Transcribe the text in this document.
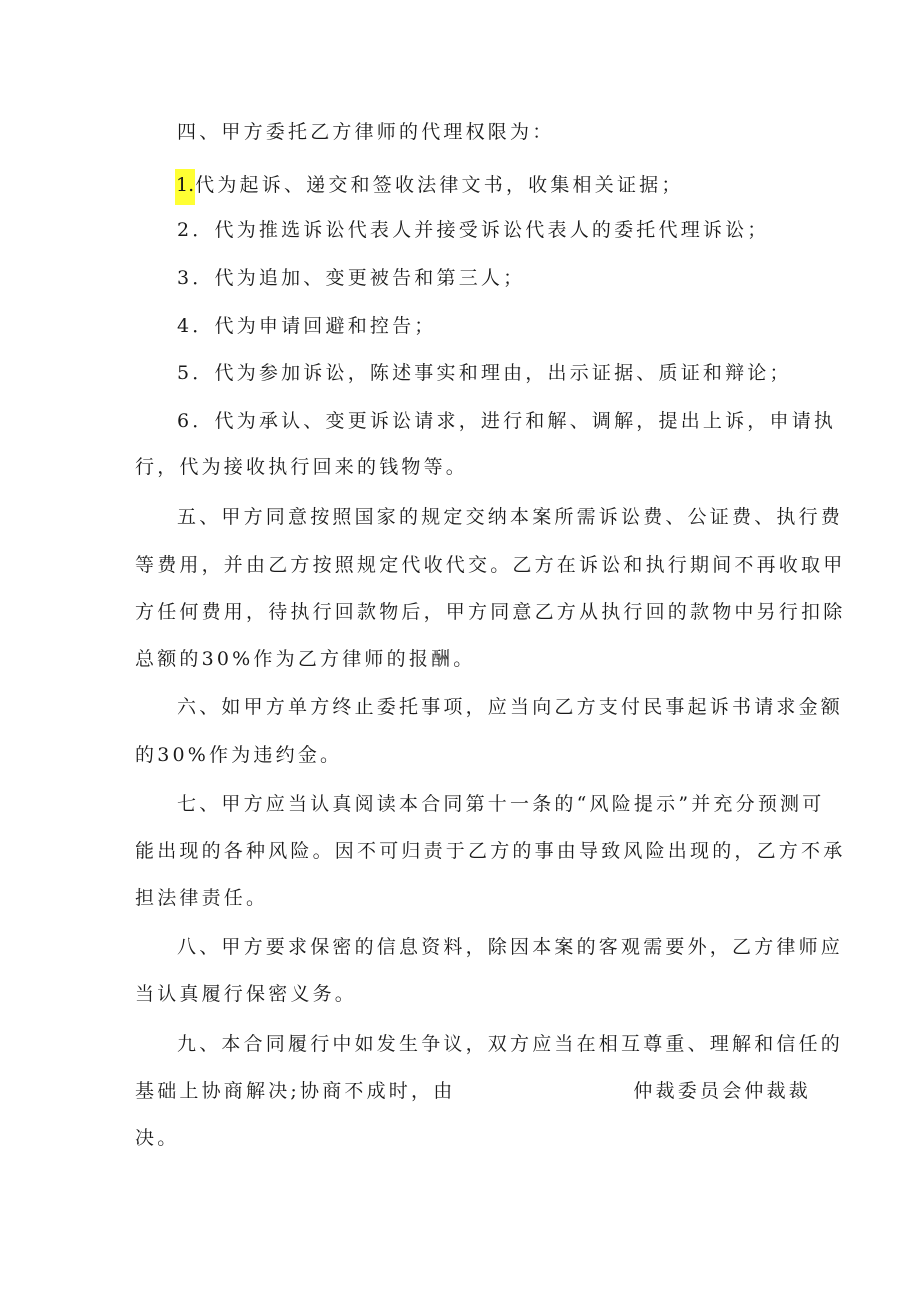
四、甲方委托乙方律师的代理权限为：
1.代为起诉、递交和签收法律文书，收集相关证据；
2．代为推选诉讼代表人并接受诉讼代表人的委托代理诉讼；
3．代为追加、变更被告和第三人；
4．代为申请回避和控告；
5．代为参加诉讼，陈述事实和理由，出示证据、质证和辩论；
6．代为承认、变更诉讼请求，进行和解、调解，提出上诉，申请执
行，代为接收执行回来的钱物等。
五、甲方同意按照国家的规定交纳本案所需诉讼费、公证费、执行费
等费用，并由乙方按照规定代收代交。乙方在诉讼和执行期间不再收取甲
方任何费用，待执行回款物后，甲方同意乙方从执行回的款物中另行扣除
总额的30%作为乙方律师的报酬。
六、如甲方单方终止委托事项，应当向乙方支付民事起诉书请求金额
的30%作为违约金。
七、甲方应当认真阅读本合同第十一条的“风险提示”并充分预测可
能出现的各种风险。因不可归责于乙方的事由导致风险出现的，乙方不承
担法律责任。
八、甲方要求保密的信息资料，除因本案的客观需要外，乙方律师应
当认真履行保密义务。
九、本合同履行中如发生争议，双方应当在相互尊重、理解和信任的
基础上协商解决;协商不成时，由	仲裁委员会仲裁裁
决。
